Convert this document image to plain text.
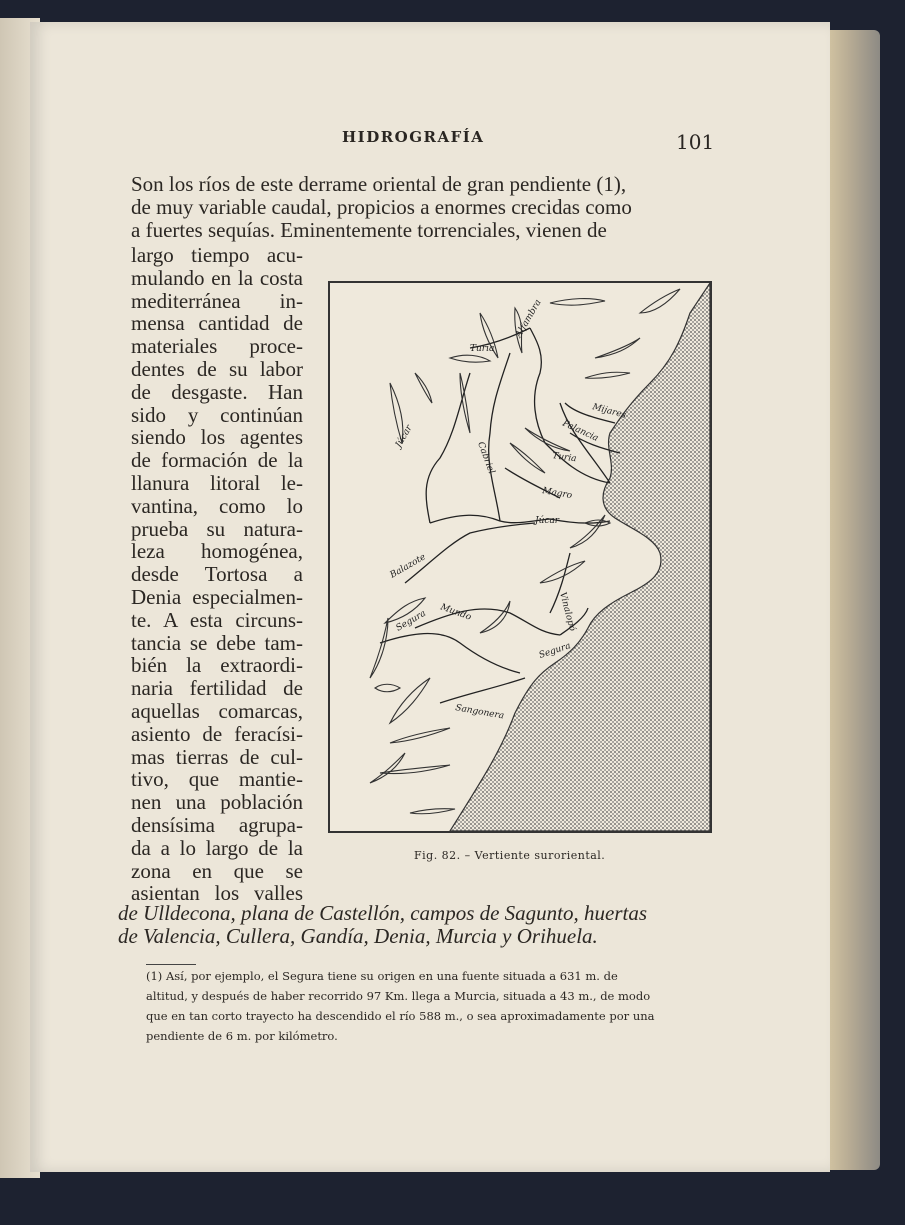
HIDROGRAFÍA	101
Son los ríos de este derrame oriental de gran pendiente (1),
de muy variable caudal, propicios a enormes crecidas como
a fuertes sequías. Eminentemente torrenciales, vienen de
largo tiempo acu-
mulando en la costa
mediterránea in-
mensa cantidad de
materiales proce-
dentes de su labor
de desgaste. Han
sido y continúan
siendo los agentes
de formación de la
llanura litoral le-
vantina, como lo
prueba su natura-
leza homogénea,
desde Tortosa a
Denia especialmen-
te. A esta circuns-
tancia se debe tam-
bién la extraordi-
naria fertilidad de
aquellas comarcas,
asiento de feracísi-
mas tierras de cul-
tivo, que mantie-
nen una población
densísima agrupa-
da a lo largo de la
zona en que se
asientan los valles
de Ulldecona, plana de Castellón, campos de Sagunto, huertas
de Valencia, Cullera, Gandía, Denia, Murcia y Orihuela.
Turia
Alfambra
Mijares
Palancia
Turia
Júcar
Cabriel
Magro
Júcar
Balazote
Mundo
Segura	Vinalopó
Segura
Sangonera
Fig. 82. – Vertiente suroriental.
(1) Así, por ejemplo, el Segura tiene su origen en una fuente situada a 631 m. de
altitud, y después de haber recorrido 97 Km. llega a Murcia, situada a 43 m., de modo
que en tan corto trayecto ha descendido el río 588 m., o sea aproximadamente por una
pendiente de 6 m. por kilómetro.
